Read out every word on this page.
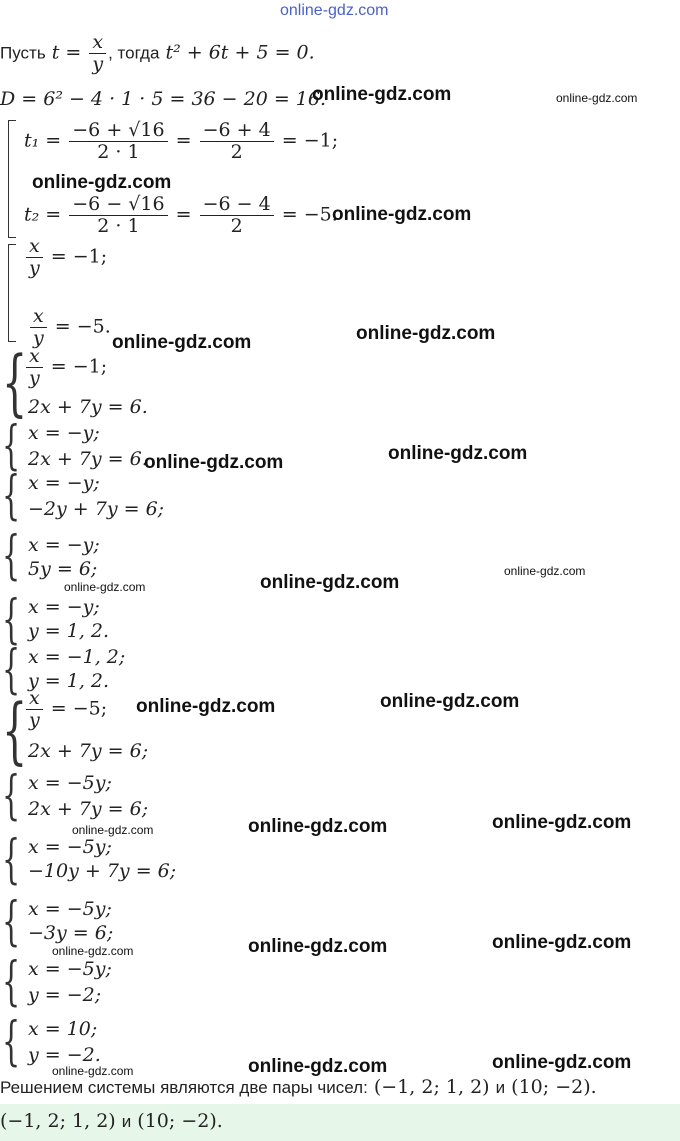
online-gdz.com
Пусть $t = \frac{x}{y}$ , тогда t² + 6t + 5 = 0.
D = 6² − 4 · 1 · 5 = 36 − 20 = 16.
online-gdz.com	online-gdz.com
$t_1 = \frac{-6 + √16}{2 \cdot 1} = \frac{-6 + 4}{2} = -1$;
online-gdz.com
$t_2 = \frac{-6 - √16}{2 \cdot 1} = \frac{-6 - 4}{2} = -5$.
online-gdz.com
$\frac{x}{y} = -1$;
$\frac{x}{y} = -5$.
online-gdz.com	online-gdz.com
{
$\frac{x}{y} = -1$;
2x + 7y = 6.
{ x = −y;
2x + 7y = 6.
online-gdz.com	online-gdz.com
{ x = −y;
−2y + 7y = 6;
{ x = −y;
5y = 6;
online-gdz.com	online-gdz.com
online-gdz.com
{ x = −y;
y = 1, 2.
{ x = −1, 2;
y = 1, 2.
{
$\frac{x}{y} = -5$;
2x + 7y = 6;
online-gdz.com	online-gdz.com
{ x = −5y;
2x + 7y = 6;
online-gdz.com	online-gdz.com	online-gdz.com
{ x = −5y;
−10y + 7y = 6;
{ x = −5y;
−3y = 6;
online-gdz.com	online-gdz.com	online-gdz.com
{ x = −5y;
y = −2;
{ x = 10;
y = −2.
online-gdz.com	online-gdz.com	online-gdz.com
Решением системы являются две пары чисел: (−1, 2; 1, 2) и (10; −2).
(−1, 2; 1, 2) и (10; −2).
